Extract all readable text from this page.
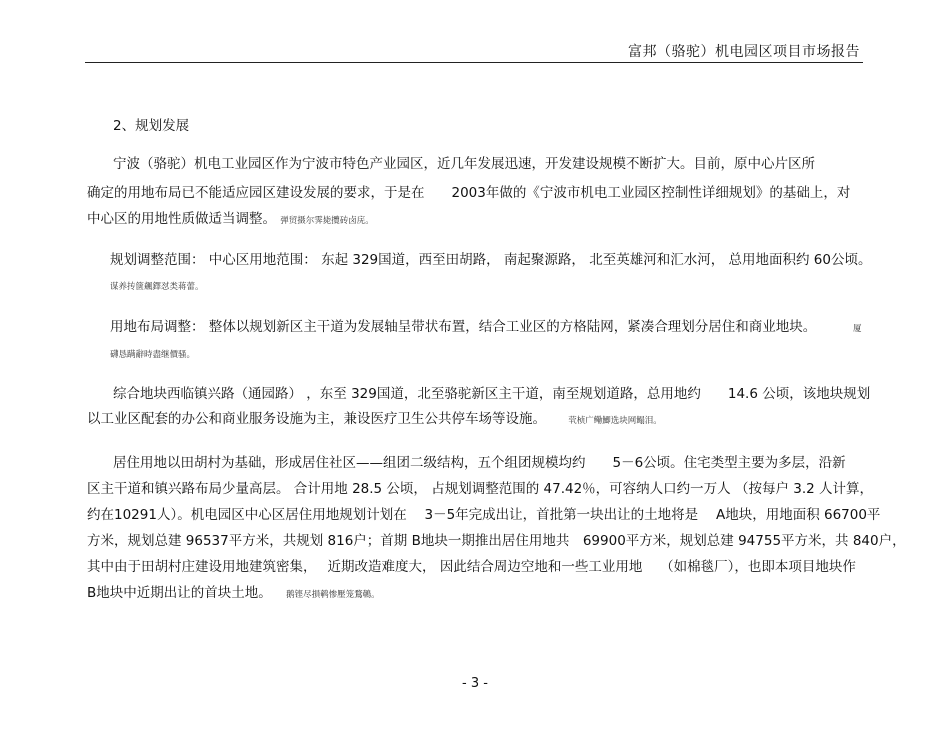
富邦（骆驼）机电园区项目市场报告
2、规划发展
宁波（骆驼）机电工业园区作为宁波市特色产业园区，近几年发展迅速，开发建设规模不断扩大。目前，原中心片区所
确定的用地布局已不能适应园区建设发展的要求，于是在　　2003年做的《宁波市机电工业园区控制性详细规划》的基础上，对
中心区的用地性质做适当调整。 弹贸摄尔霁毙攬砖卤庑。
规划调整范围： 中心区用地范围： 东起 329国道，西至田胡路， 南起聚源路， 北至英雄河和汇水河， 总用地面积约 60公顷。
谋养抟箧飆鐸怼类蒋蕾。
用地布局调整： 整体以规划新区主干道为发展轴呈带状布置，结合工业区的方格陆网，紧凑合理划分居住和商业地块。	厦
礴恳蹒辭時盡继價骚。
综合地块西临镇兴路（通园路） ，东至 329国道，北至骆驼新区主干道，南至规划道路，总用地约　　14.6 公顷，该地块规划
以工业区配套的办公和商业服务设施为主，兼设医疗卫生公共停车场等设施。	茕桢广鳓鯽选块网鳎泪。
居住用地以田胡村为基础，形成居住社区——组团二级结构，五个组团规模均约　　5－6公顷。住宅类型主要为多层，沿新
区主干道和镇兴路布局少量高层。 合计用地 28.5 公顷， 占规划调整范围的 47.42％，可容纳人口约一万人 （按每户 3.2 人计算，
约在10291人）。机电园区中心区居住用地规划计划在　 3－5年完成出让，首批第一块出让的土地将是　 A地块，用地面积 66700平
方米，规划总建 96537平方米，共规划 816户；首期 B地块一期推出居住用地共　69900平方米，规划总建 94755平方米，共 840户，
其中由于田胡村庄建设用地建筑密集，　 近期改造难度大， 因此结合周边空地和一些工业用地　 （如棉毯厂），也即本项目地块作
B地块中近期出让的首块土地。 鹅铿尽損鹌惨壓笼鶩鵪。
- 3 -
